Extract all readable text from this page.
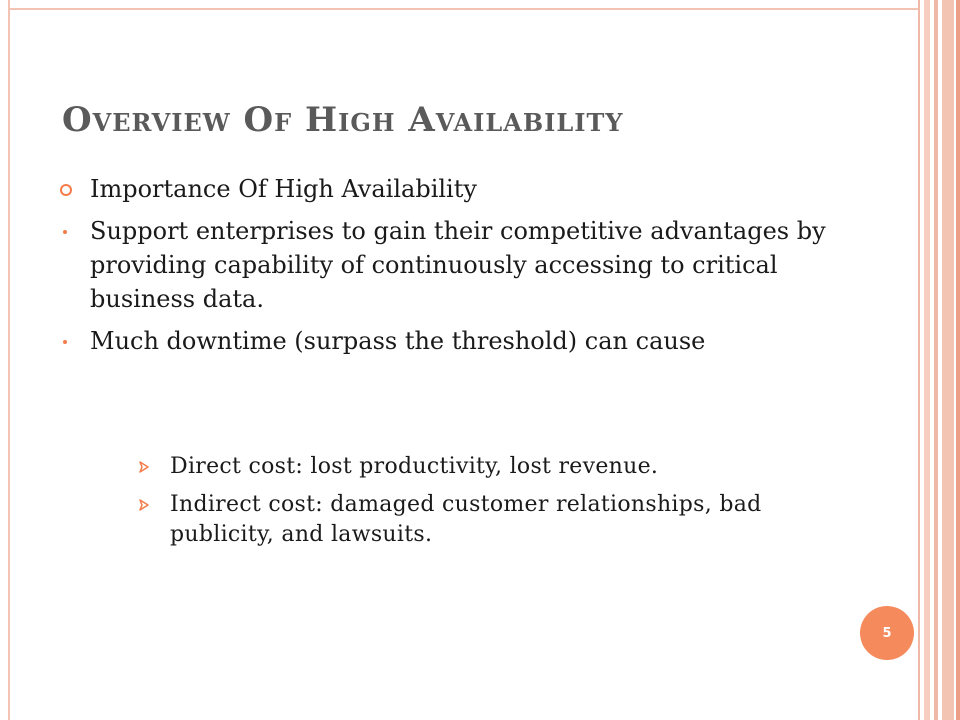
Overview Of High Availability
Importance Of High Availability
Support enterprises to gain their competitive advantages by providing capability of continuously accessing to critical business data.
Much downtime (surpass the threshold) can cause
Direct cost: lost productivity, lost revenue.
Indirect cost: damaged customer relationships, bad publicity, and lawsuits.
5
